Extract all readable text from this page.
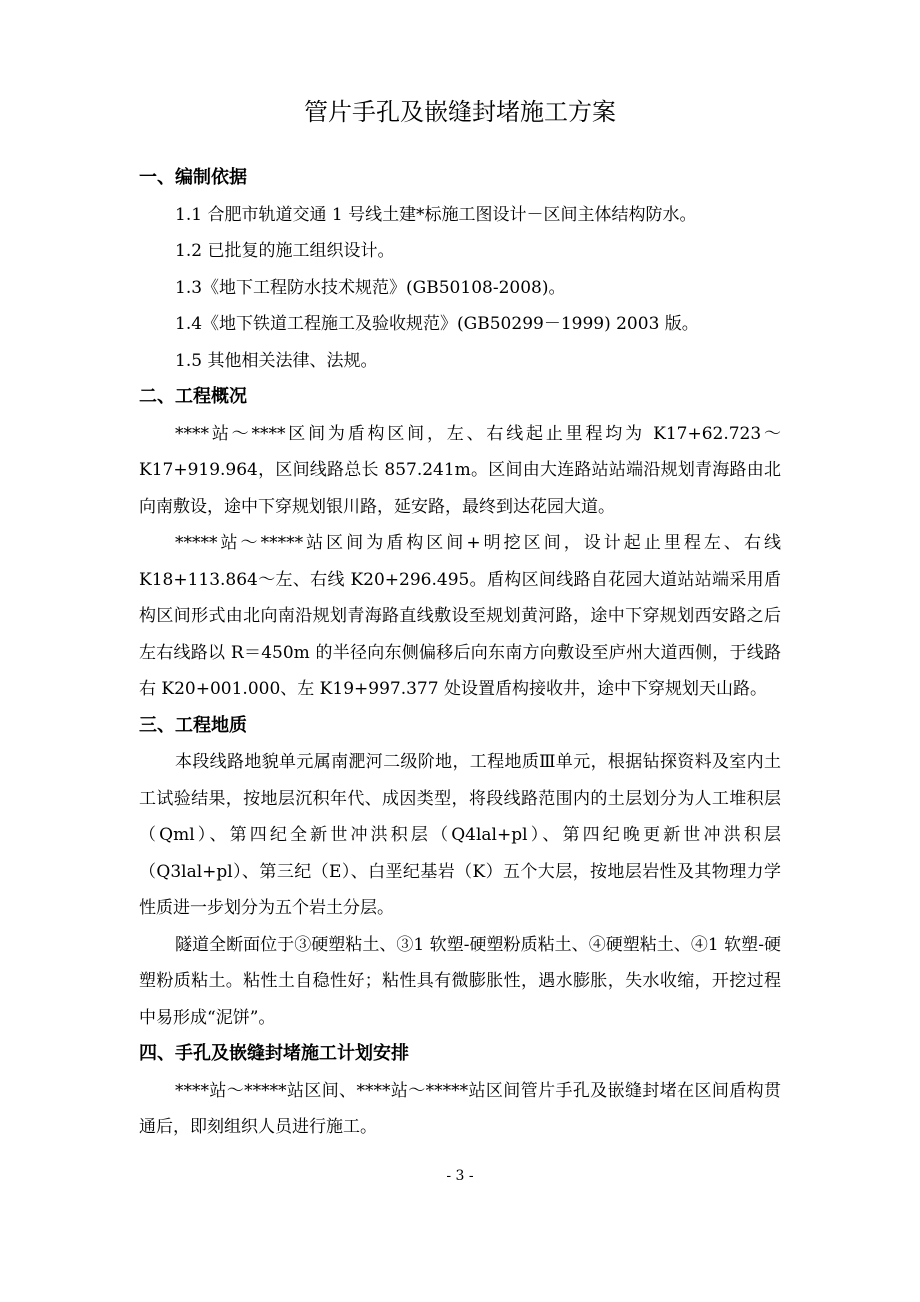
管片手孔及嵌缝封堵施工方案

一、编制依据

1.1 合肥市轨道交通 1 号线土建*标施工图设计－区间主体结构防水。

1.2 已批复的施工组织设计。

1.3《地下工程防水技术规范》(GB50108-2008)。

1.4《地下铁道工程施工及验收规范》(GB50299－1999) 2003 版。

1.5 其他相关法律、法规。

二、工程概况

****站～****区间为盾构区间，左、右线起止里程均为 K17+62.723～K17+919.964，区间线路总长 857.241m。区间由大连路站站端沿规划青海路由北向南敷设，途中下穿规划银川路，延安路，最终到达花园大道。

*****站～*****站区间为盾构区间+明挖区间，设计起止里程左、右线 K18+113.864～左、右线 K20+296.495。盾构区间线路自花园大道站站端采用盾构区间形式由北向南沿规划青海路直线敷设至规划黄河路，途中下穿规划西安路之后左右线路以 R＝450m 的半径向东侧偏移后向东南方向敷设至庐州大道西侧，于线路右 K20+001.000、左 K19+997.377 处设置盾构接收井，途中下穿规划天山路。

三、工程地质

本段线路地貌单元属南淝河二级阶地，工程地质Ⅲ单元，根据钻探资料及室内土工试验结果，按地层沉积年代、成因类型，将段线路范围内的土层划分为人工堆积层（Qml）、第四纪全新世冲洪积层（Q4lal+pl）、第四纪晚更新世冲洪积层（Q3lal+pl）、第三纪（E）、白垩纪基岩（K）五个大层，按地层岩性及其物理力学性质进一步划分为五个岩土分层。

隧道全断面位于③硬塑粘土、③1 软塑-硬塑粉质粘土、④硬塑粘土、④1 软塑-硬塑粉质粘土。粘性土自稳性好；粘性具有微膨胀性，遇水膨胀，失水收缩，开挖过程中易形成“泥饼”。

四、手孔及嵌缝封堵施工计划安排

****站～*****站区间、****站～*****站区间管片手孔及嵌缝封堵在区间盾构贯通后，即刻组织人员进行施工。

- 3 -
